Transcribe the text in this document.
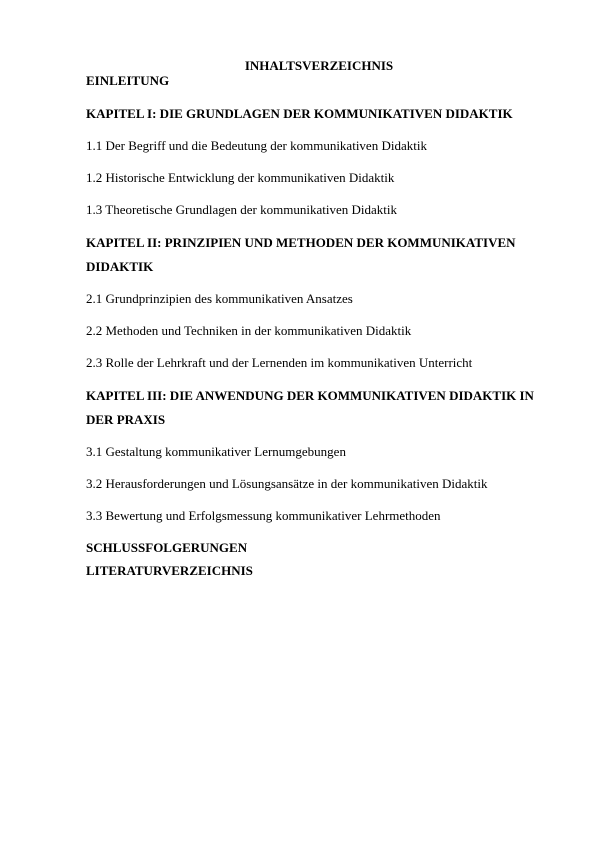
INHALTSVERZEICHNIS
EINLEITUNG
KAPITEL I: DIE GRUNDLAGEN DER KOMMUNIKATIVEN DIDAKTIK
1.1 Der Begriff und die Bedeutung der kommunikativen Didaktik
1.2 Historische Entwicklung der kommunikativen Didaktik
1.3 Theoretische Grundlagen der kommunikativen Didaktik
KAPITEL II: PRINZIPIEN UND METHODEN DER KOMMUNIKATIVEN DIDAKTIK
2.1 Grundprinzipien des kommunikativen Ansatzes
2.2 Methoden und Techniken in der kommunikativen Didaktik
2.3 Rolle der Lehrkraft und der Lernenden im kommunikativen Unterricht
KAPITEL III: DIE ANWENDUNG DER KOMMUNIKATIVEN DIDAKTIK IN DER PRAXIS
3.1 Gestaltung kommunikativer Lernumgebungen
3.2 Herausforderungen und Lösungsansätze in der kommunikativen Didaktik
3.3 Bewertung und Erfolgsmessung kommunikativer Lehrmethoden
SCHLUSSFOLGERUNGEN
LITERATURVERZEICHNIS
